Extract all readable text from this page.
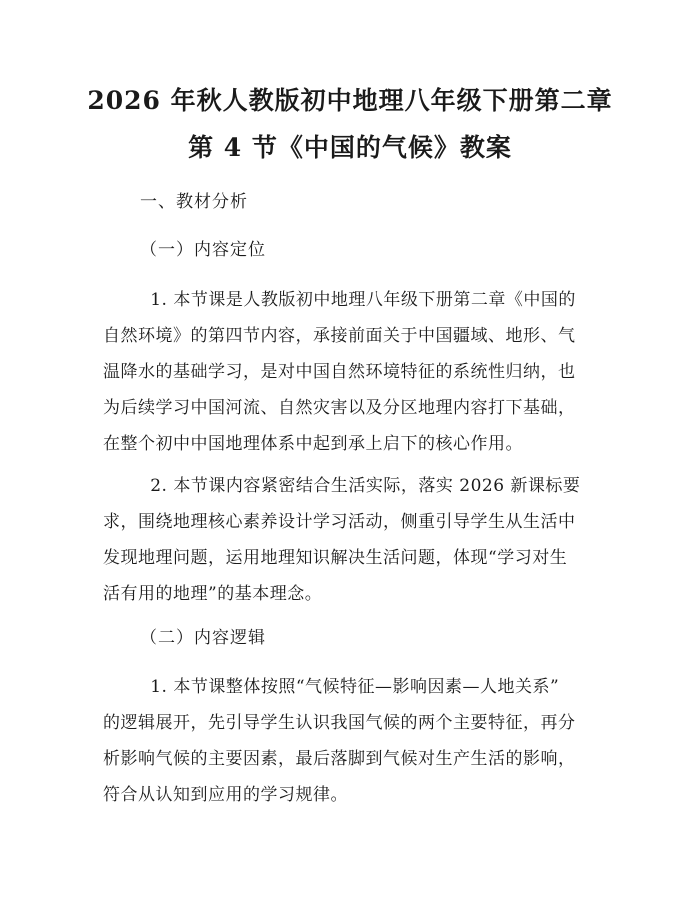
2026 年秋人教版初中地理八年级下册第二章
第 4 节《中国的气候》教案
一、教材分析
（一）内容定位

1. 本节课是人教版初中地理八年级下册第二章《中国的
自然环境》的第四节内容，承接前面关于中国疆域、地形、气
温降水的基础学习，是对中国自然环境特征的系统性归纳，也
为后续学习中国河流、自然灾害以及分区地理内容打下基础，
在整个初中中国地理体系中起到承上启下的核心作用。

2. 本节课内容紧密结合生活实际，落实 2026 新课标要
求，围绕地理核心素养设计学习活动，侧重引导学生从生活中
发现地理问题，运用地理知识解决生活问题，体现“学习对生
活有用的地理”的基本理念。

（二）内容逻辑

1. 本节课整体按照“气候特征—影响因素—人地关系”
的逻辑展开，先引导学生认识我国气候的两个主要特征，再分
析影响气候的主要因素，最后落脚到气候对生产生活的影响，
符合从认知到应用的学习规律。
